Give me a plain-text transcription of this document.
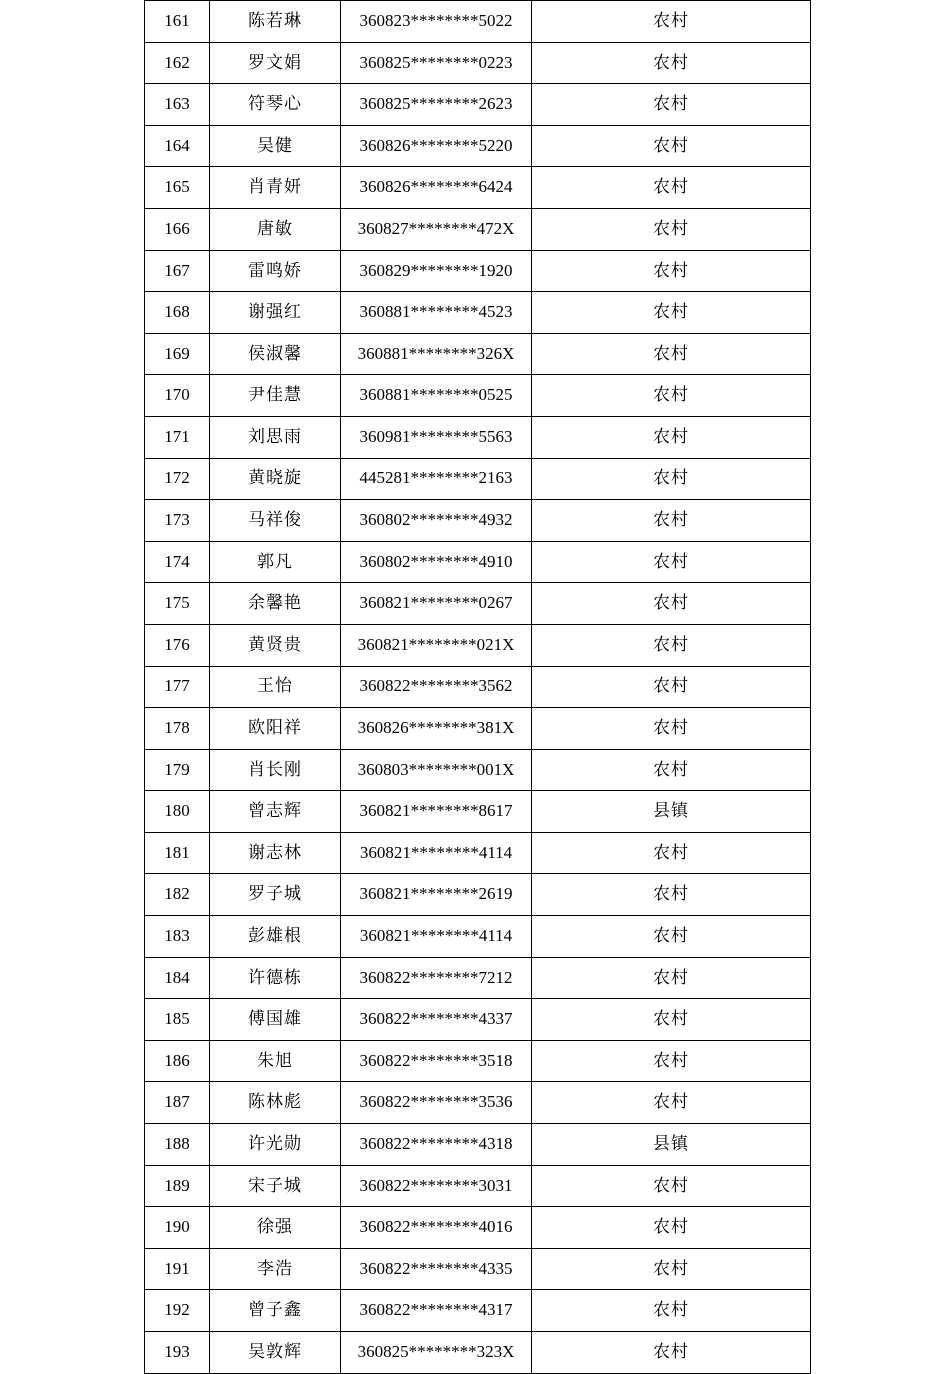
161	陈若琳	360823********5022	农村
162	罗文娟	360825********0223	农村
163	符琴心	360825********2623	农村
164	吴健	360826********5220	农村
165	肖青妍	360826********6424	农村
166	唐敏	360827********472X	农村
167	雷鸣娇	360829********1920	农村
168	谢强红	360881********4523	农村
169	侯淑馨	360881********326X	农村
170	尹佳慧	360881********0525	农村
171	刘思雨	360981********5563	农村
172	黄晓旋	445281********2163	农村
173	马祥俊	360802********4932	农村
174	郭凡	360802********4910	农村
175	余馨艳	360821********0267	农村
176	黄贤贵	360821********021X	农村
177	王怡	360822********3562	农村
178	欧阳祥	360826********381X	农村
179	肖长刚	360803********001X	农村
180	曾志辉	360821********8617	县镇
181	谢志林	360821********4114	农村
182	罗子城	360821********2619	农村
183	彭雄根	360821********4114	农村
184	许德栋	360822********7212	农村
185	傅国雄	360822********4337	农村
186	朱旭	360822********3518	农村
187	陈林彪	360822********3536	农村
188	许光勋	360822********4318	县镇
189	宋子城	360822********3031	农村
190	徐强	360822********4016	农村
191	李浩	360822********4335	农村
192	曾子鑫	360822********4317	农村
193	吴敦辉	360825********323X	农村
